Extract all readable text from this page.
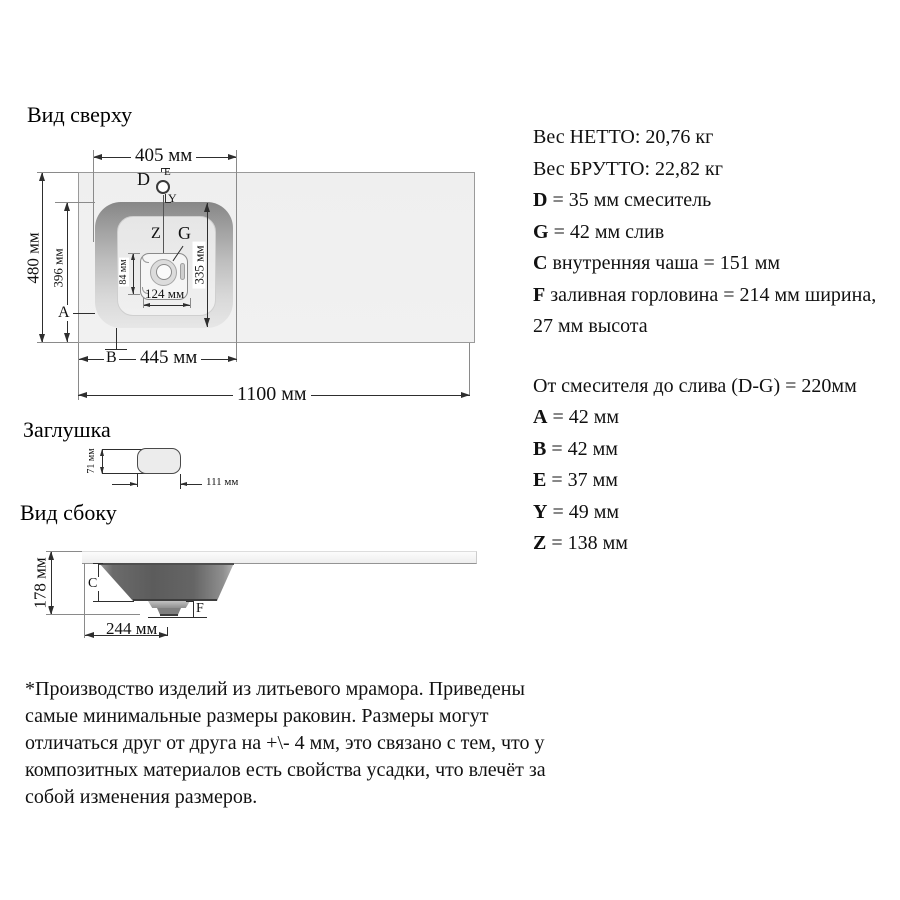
Вид сверху
405 мм
480 мм 396 мм
A
335 мм
84 мм
124 мм
D E
Y
Z G
B 445 мм
1100 мм
Заглушка
71 мм
111 мм
Вид сбоку
178 мм	C
F
244 мм
Вес НЕТТО: 20,76 кг
Вес БРУТТО: 22,82 кг
D = 35 мм смеситель
G = 42 мм слив
C внутренняя чаша = 151 мм
F заливная горловина = 214 мм ширина,
27 мм высота
От смесителя до слива (D-G) = 220мм
A = 42 мм
B = 42 мм
E = 37 мм
Y = 49 мм
Z = 138 мм
*Производство изделий из литьевого мрамора. Приведены
самые минимальные размеры раковин. Размеры могут
отличаться друг от друга на +\- 4 мм, это связано с тем, что у
композитных материалов есть свойства усадки, что влечёт за
собой изменения размеров.
